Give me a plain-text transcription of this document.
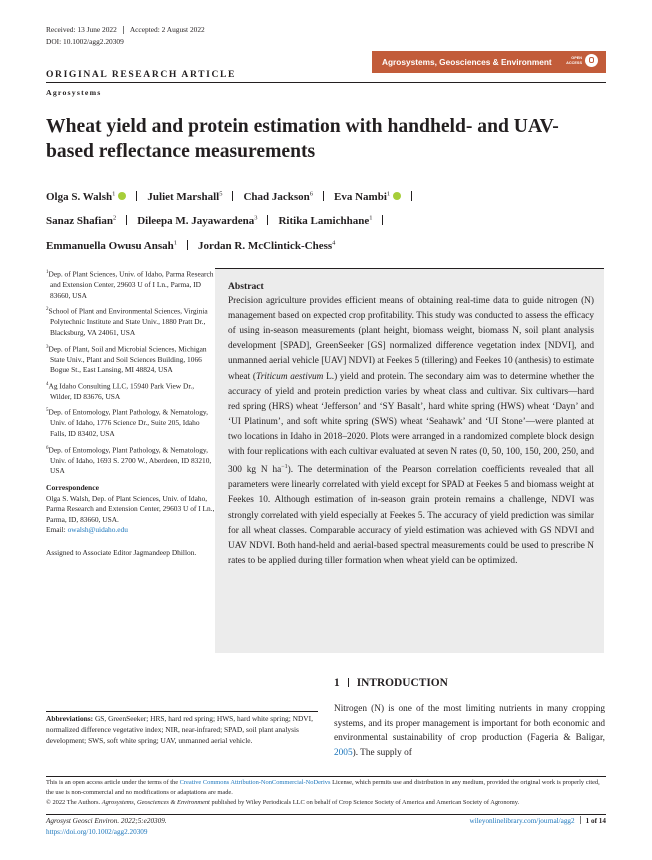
Received: 13 June 2022 Accepted: 2 August 2022
DOI: 10.1002/agg2.20309
Agrosystems, Geosciences & Environment	OPEN
ACCESS
ORIGINAL RESEARCH ARTICLE
Agrosystems
Wheat yield and protein estimation with handheld- and UAV-based reflectance measurements
Olga S. Walsh$^1$	Juliet Marshall$^5$ Chad Jackson$^6$ Eva Nambi$^1$
Sanaz Shafian$^2$ Dileepa M. Jayawardena$^3$ Ritika Lamichhane$^1$
Emmanuella Owusu Ansah$^1$ Jordan R. McClintick-Chess$^4$
$^1$Dep. of Plant Sciences, Univ. of Idaho, Parma Research and Extension Center, 29603 U of I Ln., Parma, ID 83660, USA
$^2$School of Plant and Environmental Sciences, Virginia Polytechnic Institute and State Univ., 1880 Pratt Dr., Blacksburg, VA 24061, USA
$^3$Dep. of Plant, Soil and Microbial Sciences, Michigan State Univ., Plant and Soil Sciences Building, 1066 Bogue St., East Lansing, MI 48824, USA
$^4$Ag Idaho Consulting LLC, 15940 Park View Dr., Wilder, ID 83676, USA
$^5$Dep. of Entomology, Plant Pathology, & Nematology, Univ. of Idaho, 1776 Science Dr., Suite 205, Idaho Falls, ID 83402, USA
$^6$Dep. of Entomology, Plant Pathology, & Nematology, Univ. of Idaho, 1693 S. 2700 W., Aberdeen, ID 83210, USA
Correspondence
Olga S. Walsh, Dep. of Plant Sciences, Univ. of Idaho, Parma Research and Extension Center, 29603 U of I Ln., Parma, ID, 83660, USA.
Email: owalsh@uidaho.edu
Assigned to Associate Editor Jagmandeep Dhillon.
Abstract
Precision agriculture provides efficient means of obtaining real-time data to guide nitrogen (N) management based on expected crop profitability. This study was conducted to assess the efficacy of using in-season measurements (plant height, biomass weight, biomass N, soil plant analysis development [SPAD], GreenSeeker [GS] normalized difference vegetation index [NDVI], and unmanned aerial vehicle [UAV] NDVI) at Feekes 5 (tillering) and Feekes 10 (anthesis) to estimate wheat (Triticum aestivum L.) yield and protein. The secondary aim was to determine whether the accuracy of yield and protein prediction varies by wheat class and cultivar. Six cultivars—hard red spring (HRS) wheat ‘Jefferson’ and ‘SY Basalt’, hard white spring (HWS) wheat ‘Dayn’ and ‘UI Platinum’, and soft white spring (SWS) wheat ‘Seahawk’ and ‘UI Stone’—were planted at two locations in Idaho in 2018–2020. Plots were arranged in a randomized complete block design with four replications with each cultivar evaluated at seven N rates (0, 50, 100, 150, 200, 250, and 300 kg N $ha^{-1}$). The determination of the Pearson correlation coefficients revealed that all parameters were linearly correlated with yield except for SPAD at Feekes 5 and biomass weight at Feekes 10. Although estimation of in-season grain protein remains a challenge, NDVI was strongly correlated with yield especially at Feekes 5. The accuracy of yield prediction was similar for all wheat classes. Comparable accuracy of yield estimation was achieved with GS NDVI and UAV NDVI. Both hand-held and aerial-based spectral measurements could be used to prescribe N rates to be applied during tiller formation when wheat yield can be optimized.
1 INTRODUCTION
Nitrogen (N) is one of the most limiting nutrients in many cropping systems, and its proper management is important for both economic and environmental sustainability of crop production (Fageria & Baligar, 2005). The supply of
Abbreviations: GS, GreenSeeker; HRS, hard red spring; HWS, hard white spring; NDVI, normalized difference vegetative index; NIR, near-infrared; SPAD, soil plant analysis development; SWS, soft white spring; UAV, unmanned aerial vehicle.
This is an open access article under the terms of the Creative Commons Attribution-NonCommercial-NoDerivs License, which permits use and distribution in any medium, provided the original work is properly cited, the use is non-commercial and no modifications or adaptations are made.
© 2022 The Authors. Agrosystems, Geosciences & Environment published by Wiley Periodicals LLC on behalf of Crop Science Society of America and American Society of Agronomy.
Agrosyst Geosci Environ. 2022;5:e20309.
https://doi.org/10.1002/agg2.20309
wileyonlinelibrary.com/journal/agg2 1 of 14
